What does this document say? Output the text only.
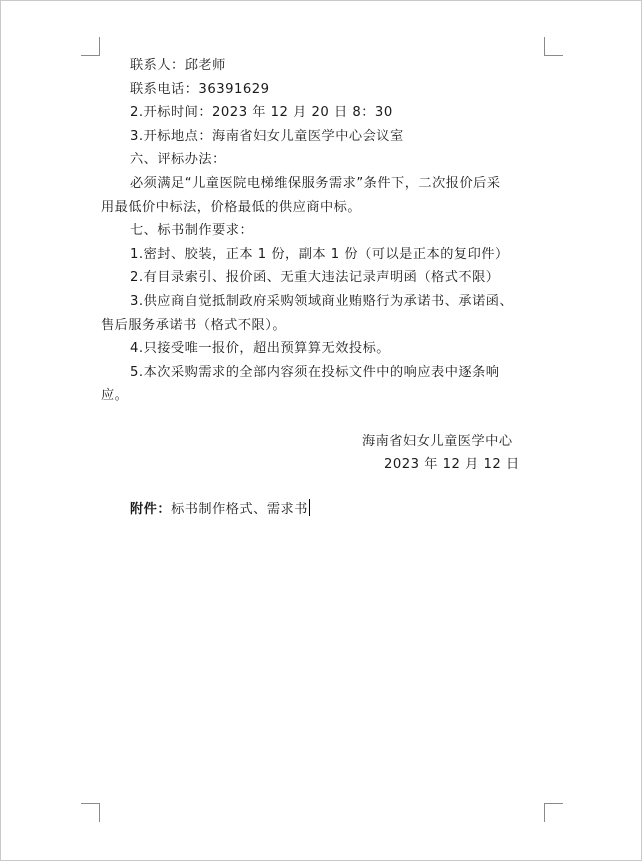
联系人：邱老师

联系电话：36391629

2.开标时间：2023 年 12 月 20 日 8：30

3.开标地点：海南省妇女儿童医学中心会议室

六、评标办法：

必须满足“儿童医院电梯维保服务需求”条件下，二次报价后采

用最低价中标法，价格最低的供应商中标。

七、标书制作要求：

1.密封、胶装，正本 1 份，副本 1 份（可以是正本的复印件）

2.有目录索引、报价函、无重大违法记录声明函（格式不限）

3.供应商自觉抵制政府采购领域商业贿赂行为承诺书、承诺函、

售后服务承诺书（格式不限）。

4.只接受唯一报价，超出预算算无效投标。

5.本次采购需求的全部内容须在投标文件中的响应表中逐条响

应。

海南省妇女儿童医学中心
2023 年 12 月 12 日
附件：标书制作格式、需求书
